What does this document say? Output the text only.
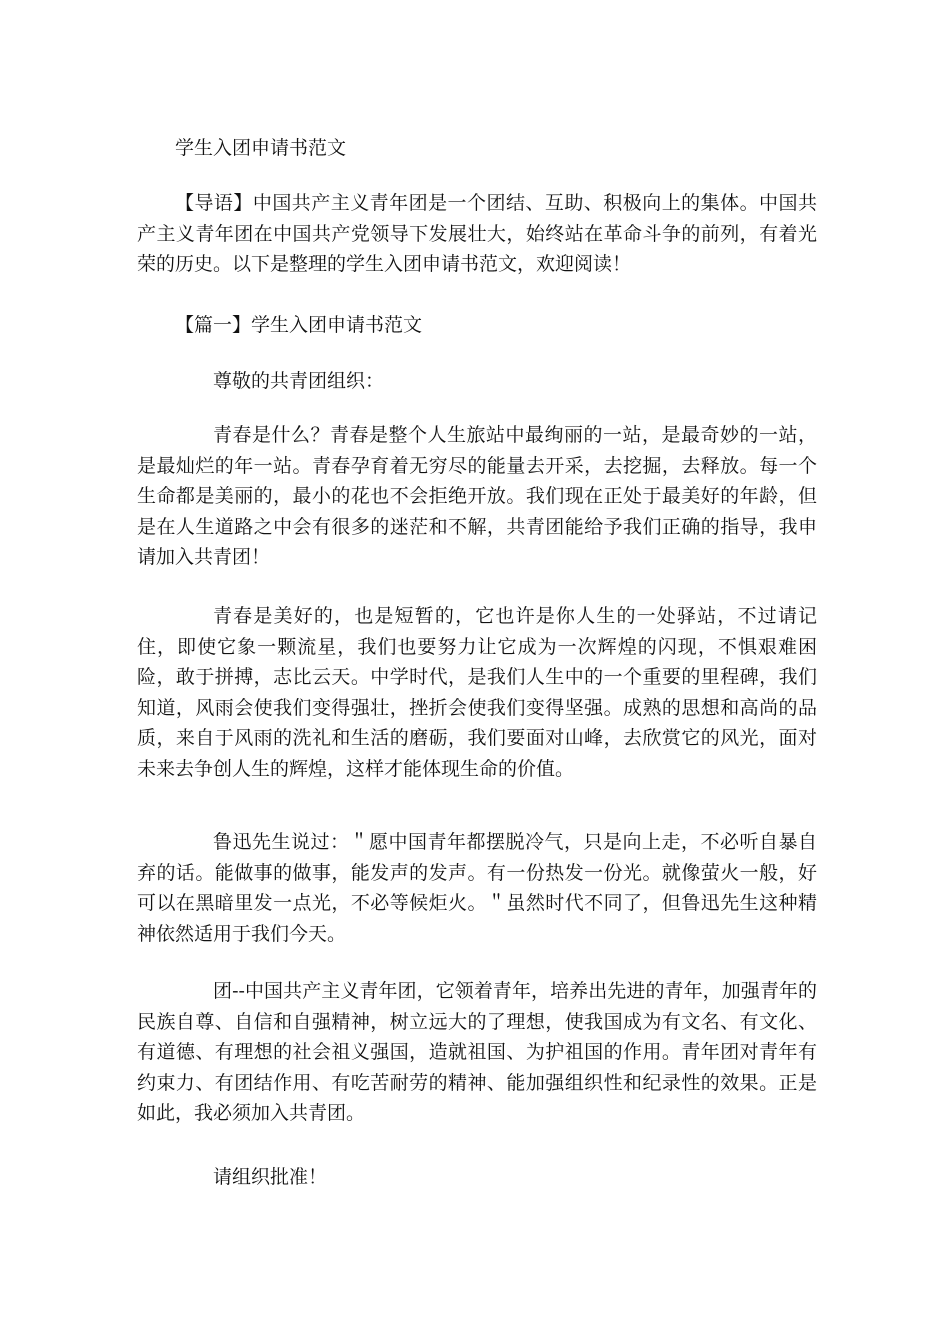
学生入团申请书范文

【导语】中国共产主义青年团是一个团结、互助、积极向上的集体。中国共产主义青年团在中国共产党领导下发展壮大，始终站在革命斗争的前列，有着光荣的历史。以下是整理的学生入团申请书范文，欢迎阅读！

【篇一】学生入团申请书范文

尊敬的共青团组织：

青春是什么？青春是整个人生旅站中最绚丽的一站，是最奇妙的一站，是最灿烂的年一站。青春孕育着无穷尽的能量去开采，去挖掘，去释放。每一个生命都是美丽的，最小的花也不会拒绝开放。我们现在正处于最美好的年龄，但是在人生道路之中会有很多的迷茫和不解，共青团能给予我们正确的指导，我申请加入共青团！

青春是美好的，也是短暂的，它也许是你人生的一处驿站，不过请记住，即使它象一颗流星，我们也要努力让它成为一次辉煌的闪现，不惧艰难困险，敢于拼搏，志比云天。中学时代，是我们人生中的一个重要的里程碑，我们知道，风雨会使我们变得强壮，挫折会使我们变得坚强。成熟的思想和高尚的品质，来自于风雨的洗礼和生活的磨砺，我们要面对山峰，去欣赏它的风光，面对未来去争创人生的辉煌，这样才能体现生命的价值。

鲁迅先生说过：＂愿中国青年都摆脱冷气，只是向上走，不必听自暴自弃的话。能做事的做事，能发声的发声。有一份热发一份光。就像萤火一般，好可以在黑暗里发一点光，不必等候炬火。＂虽然时代不同了，但鲁迅先生这种精神依然适用于我们今天。

团--中国共产主义青年团，它领着青年，培养出先进的青年，加强青年的民族自尊、自信和自强精神，树立远大的了理想，使我国成为有文名、有文化、有道德、有理想的社会祖义强国，造就祖国、为护祖国的作用。青年团对青年有约束力、有团结作用、有吃苦耐劳的精神、能加强组织性和纪录性的效果。正是如此，我必须加入共青团。

请组织批准！
